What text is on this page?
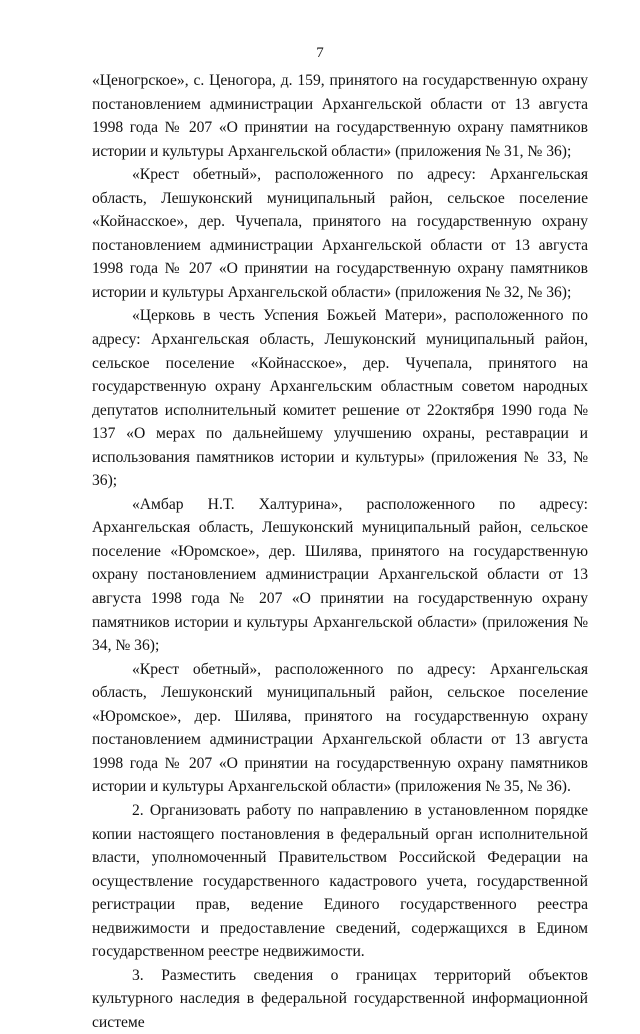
7

«Ценогрское», с. Ценогора, д. 159, принятого на государственную охрану постановлением администрации Архангельской области от 13 августа 1998 года № 207 «О принятии на государственную охрану памятников истории и культуры Архангельской области» (приложения № 31, № 36);

«Крест обетный», расположенного по адресу: Архангельская область, Лешуконский муниципальный район, сельское поселение «Койнасское», дер. Чучепала, принятого на государственную охрану постановлением администрации Архангельской области от 13 августа 1998 года № 207 «О принятии на государственную охрану памятников истории и культуры Архангельской области» (приложения № 32, № 36);

«Церковь в честь Успения Божьей Матери», расположенного по адресу: Архангельская область, Лешуконский муниципальный район, сельское поселение «Койнасское», дер. Чучепала, принятого на государственную охрану Архангельским областным советом народных депутатов исполнительный комитет решение от 22октября 1990 года № 137 «О мерах по дальнейшему улучшению охраны, реставрации и использования памятников истории и культуры» (приложения № 33, № 36);

«Амбар Н.Т. Халтурина», расположенного по адресу: Архангельская область, Лешуконский муниципальный район, сельское поселение «Юромское», дер. Шилява, принятого на государственную охрану постановлением администрации Архангельской области от 13 августа 1998 года № 207 «О принятии на государственную охрану памятников истории и культуры Архангельской области» (приложения № 34, № 36);

«Крест обетный», расположенного по адресу: Архангельская область, Лешуконский муниципальный район, сельское поселение «Юромское», дер. Шилява, принятого на государственную охрану постановлением администрации Архангельской области от 13 августа 1998 года № 207 «О принятии на государственную охрану памятников истории и культуры Архангельской области» (приложения № 35, № 36).

2. Организовать работу по направлению в установленном порядке копии настоящего постановления в федеральный орган исполнительной власти, уполномоченный Правительством Российской Федерации на осуществление государственного кадастрового учета, государственной регистрации прав, ведение Единого государственного реестра недвижимости и предоставление сведений, содержащихся в Едином государственном реестре недвижимости.

3. Разместить сведения о границах территорий объектов культурного наследия в федеральной государственной информационной системе
